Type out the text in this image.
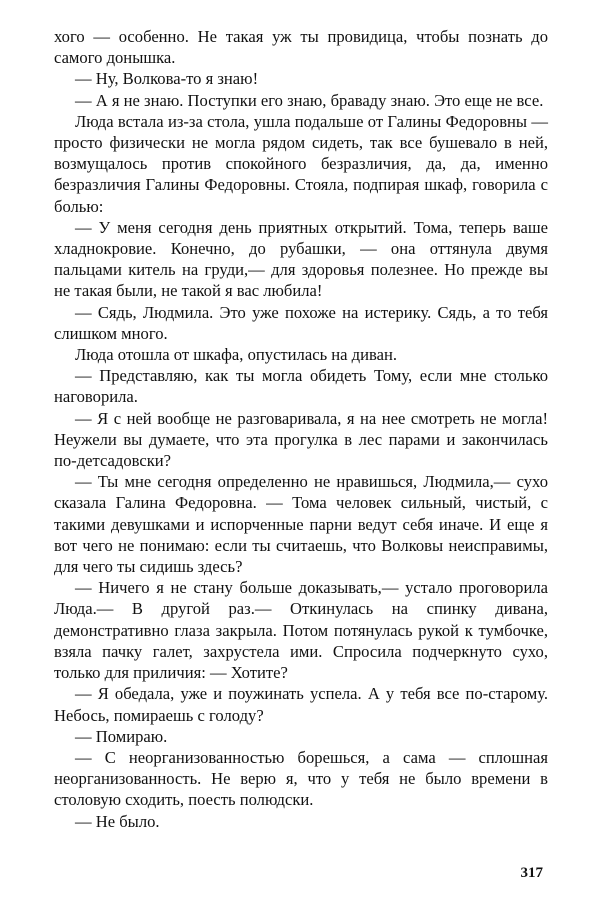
хого — особенно. Не такая уж ты провидица, чтобы познать до самого донышка.

— Ну, Волкова-то я знаю!

— А я не знаю. Поступки его знаю, браваду знаю. Это еще не все.

Люда встала из-за стола, ушла подальше от Галины Федоровны — просто физически не могла рядом сидеть, так все бушевало в ней, возмущалось против спокойного безразличия, да, да, именно безразличия Галины Федоровны. Стояла, подпирая шкаф, говорила с болью:

— У меня сегодня день приятных открытий. Тома, теперь ваше хладнокровие. Конечно, до рубашки, — она оттянула двумя пальцами китель на груди,— для здоровья полезнее. Но прежде вы не такая были, не такой я вас любила!

— Сядь, Людмила. Это уже похоже на истерику. Сядь, а то тебя слишком много.

Люда отошла от шкафа, опустилась на диван.

— Представляю, как ты могла обидеть Тому, если мне столько наговорила.

— Я с ней вообще не разговаривала, я на нее смотреть не могла! Неужели вы думаете, что эта прогулка в лес парами и закончилась по-детсадовски?

— Ты мне сегодня определенно не нравишься, Людмила,— сухо сказала Галина Федоровна. — Тома человек сильный, чистый, с такими девушками и испорченные парни ведут себя иначе. И еще я вот чего не понимаю: если ты считаешь, что Волковы неисправимы, для чего ты сидишь здесь?

— Ничего я не стану больше доказывать,— устало проговорила Люда.— В другой раз.— Откинулась на спинку дивана, демонстративно глаза закрыла. Потом потянулась рукой к тумбочке, взяла пачку галет, захрустела ими. Спросила подчеркнуто сухо, только для приличия: — Хотите?

— Я обедала, уже и поужинать успела. А у тебя все по-старому. Небось, помираешь с голоду?

— Помираю.

— С неорганизованностью борешься, а сама — сплошная неорганизованность. Не верю я, что у тебя не было времени в столовую сходить, поесть полюдски.

— Не было.

317
